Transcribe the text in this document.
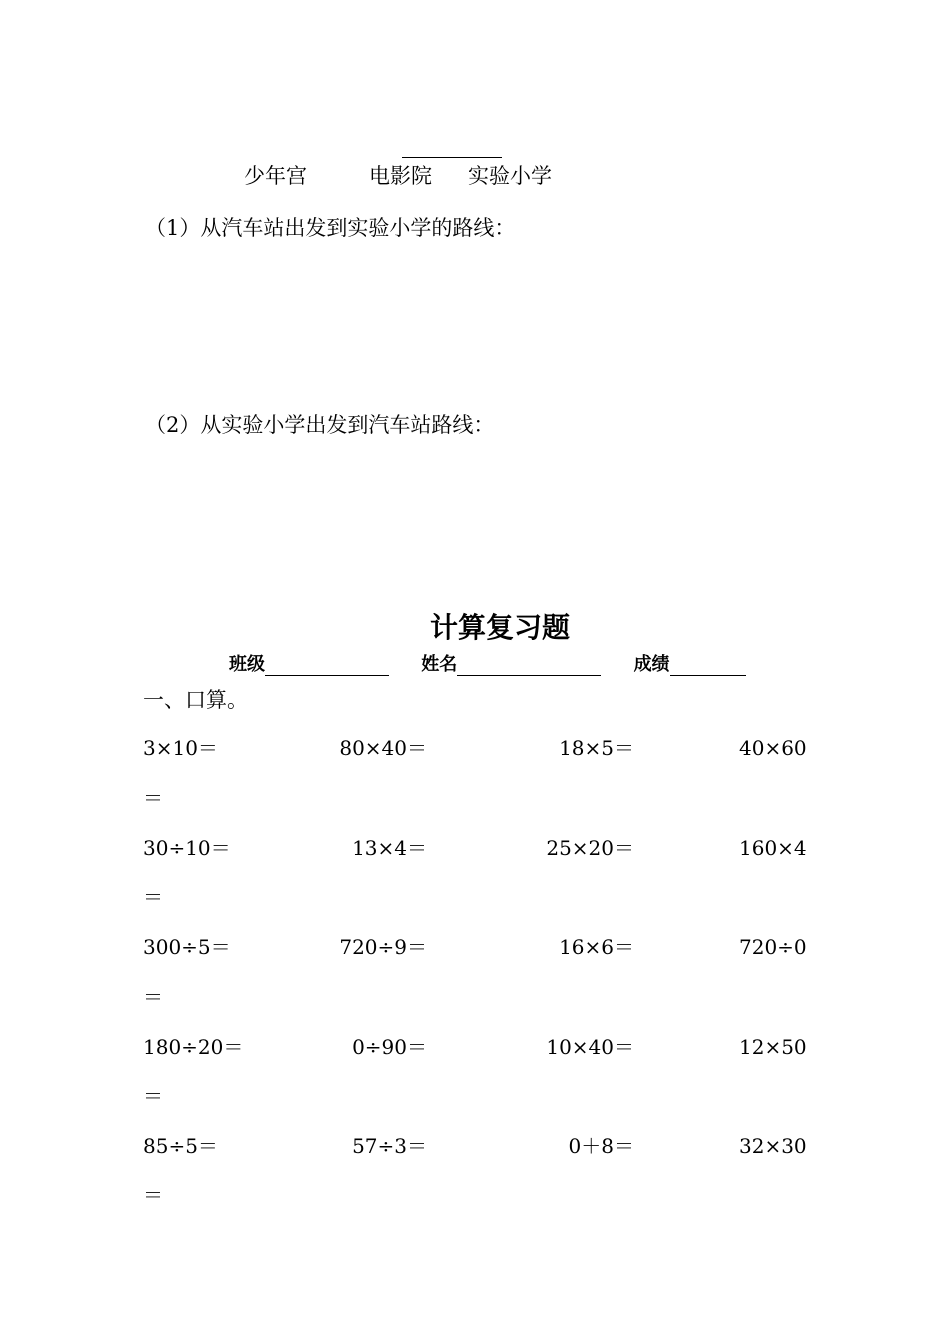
少年宫	电影院 实验小学
（1）从汽车站出发到实验小学的路线：
（2）从实验小学出发到汽车站路线：
计算复习题
班级	姓名	成绩
一、口算。
3×10＝	80×40＝	18×5＝	40×60
＝
30÷10＝	13×4＝	25×20＝	160×4
＝
300÷5＝	720÷9＝	16×6＝	720÷0
＝
180÷20＝	0÷90＝	10×40＝	12×50
＝
85÷5＝	57÷3＝	0＋8＝	32×30
＝
